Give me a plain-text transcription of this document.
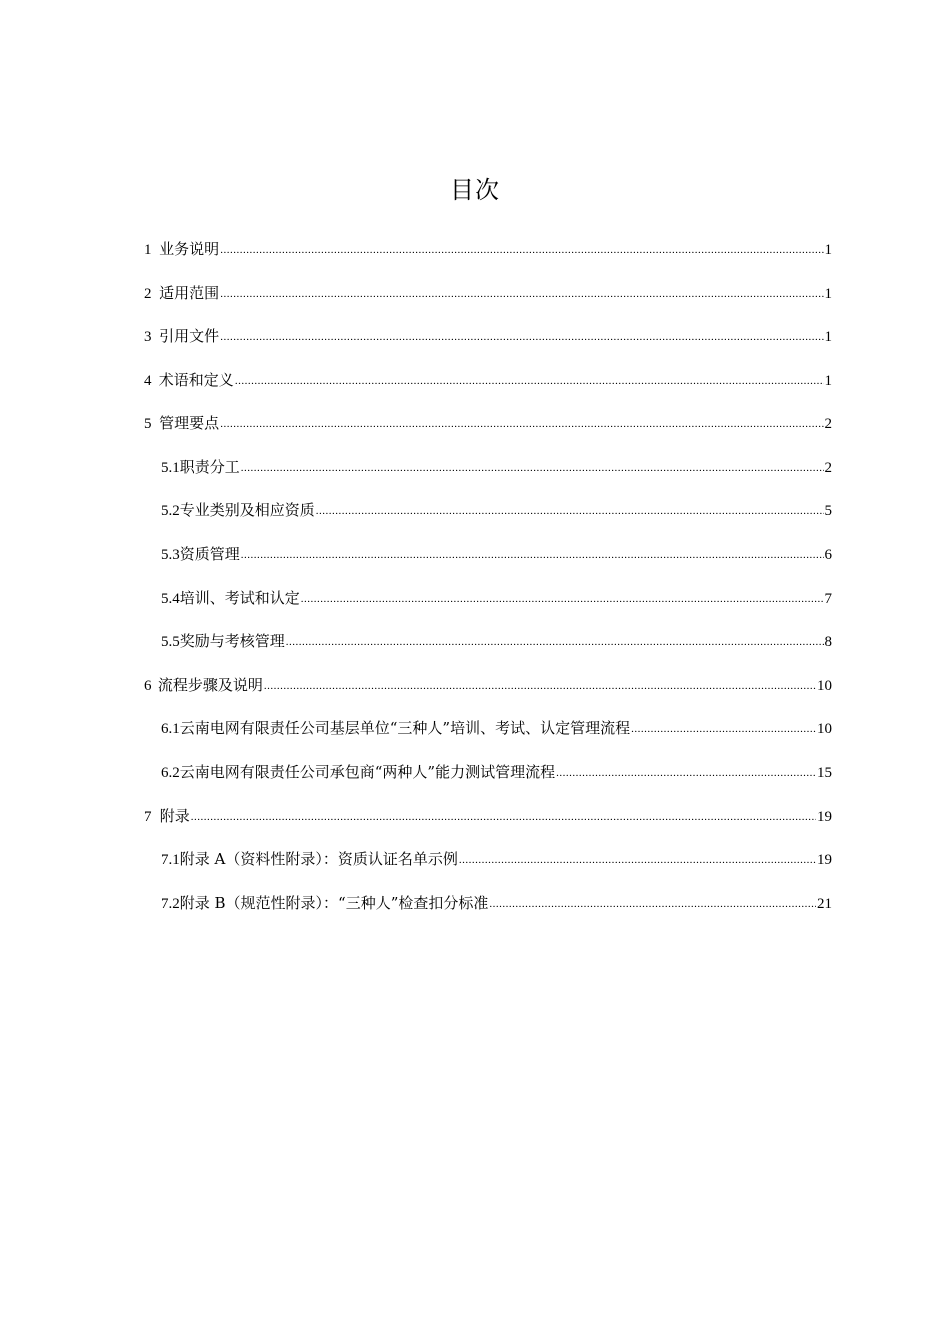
目次
1 业务说明 .....	1
2 适用范围 .....	1
3 引用文件 .....	1
4 术语和定义 .....	1
5 管理要点 .....	2
5.1 职责分工 .....	2
5.2 专业类别及相应资质 .....	5
5.3 资质管理 .....	6
5.4 培训、考试和认定 .....	7
5.5 奖励与考核管理 .....	8
6 流程步骤及说明 .....	10
6.1 云南电网有限责任公司基层单位“三种人”培训、考试、认定管理流程 .....	10
6.2 云南电网有限责任公司承包商“两种人”能力测试管理流程 .....	15
7 附录 .....	19
7.1 附录 A（资料性附录）：资质认证名单示例 .....	19
7.2 附录 B（规范性附录）：“三种人”检查扣分标准 .....	21
